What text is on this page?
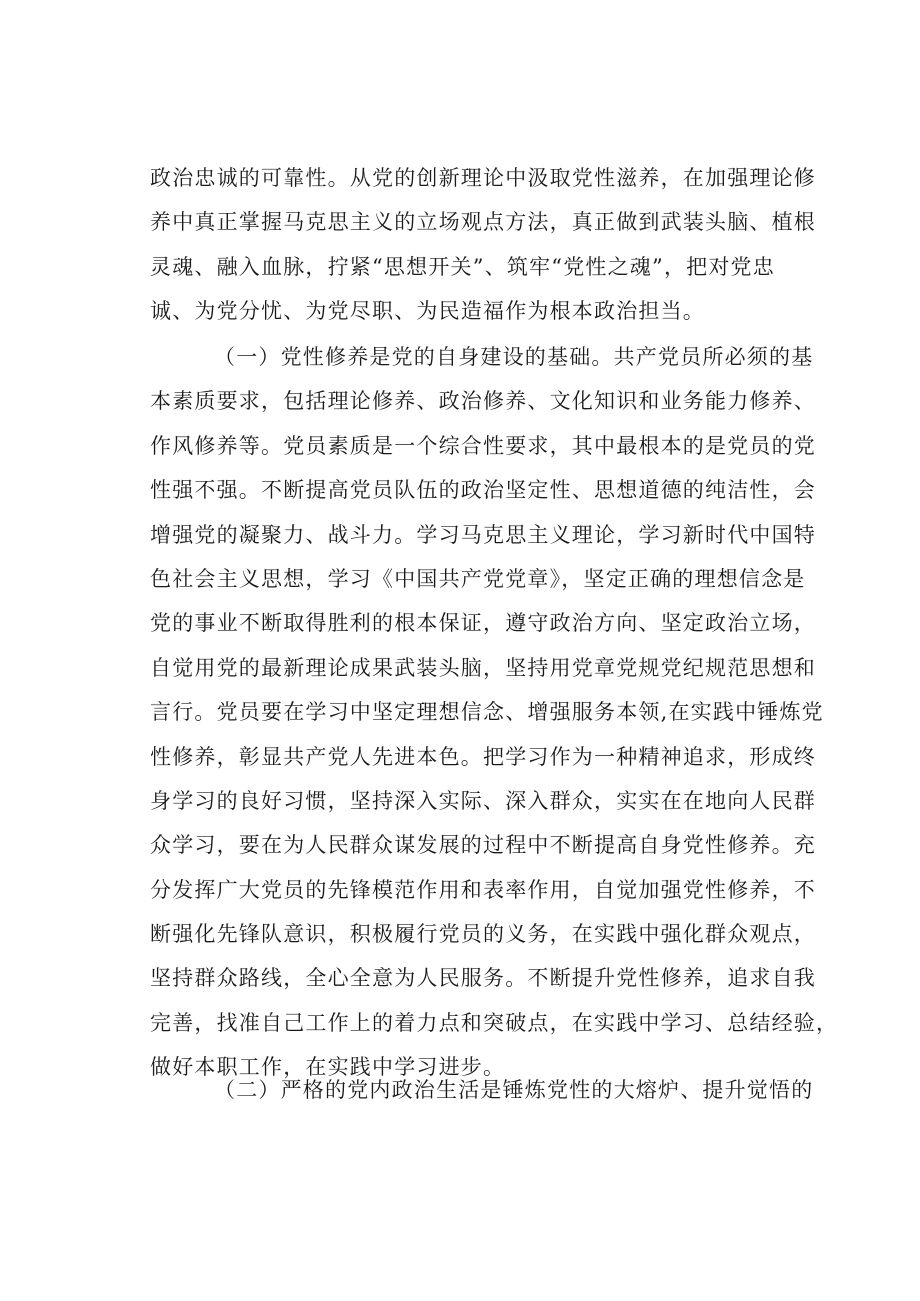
政治忠诚的可靠性。从党的创新理论中汲取党性滋养，在加强理论修
养中真正掌握马克思主义的立场观点方法，真正做到武装头脑、植根
灵魂、融入血脉，拧紧“思想开关”、筑牢“党性之魂”，把对党忠
诚、为党分忧、为党尽职、为民造福作为根本政治担当。
（一）党性修养是党的自身建设的基础。共产党员所必须的基
本素质要求，包括理论修养、政治修养、文化知识和业务能力修养、
作风修养等。党员素质是一个综合性要求，其中最根本的是党员的党
性强不强。不断提高党员队伍的政治坚定性、思想道德的纯洁性，会
增强党的凝聚力、战斗力。学习马克思主义理论，学习新时代中国特
色社会主义思想，学习《中国共产党党章》，坚定正确的理想信念是
党的事业不断取得胜利的根本保证，遵守政治方向、坚定政治立场，
自觉用党的最新理论成果武装头脑，坚持用党章党规党纪规范思想和
言行。党员要在学习中坚定理想信念、增强服务本领,在实践中锤炼党
性修养，彰显共产党人先进本色。把学习作为一种精神追求，形成终
身学习的良好习惯，坚持深入实际、深入群众，实实在在地向人民群
众学习，要在为人民群众谋发展的过程中不断提高自身党性修养。充
分发挥广大党员的先锋模范作用和表率作用，自觉加强党性修养，不
断强化先锋队意识，积极履行党员的义务，在实践中强化群众观点，
坚持群众路线，全心全意为人民服务。不断提升党性修养，追求自我
完善，找准自己工作上的着力点和突破点，在实践中学习、总结经验，
做好本职工作，在实践中学习进步。
（二）严格的党内政治生活是锤炼党性的大熔炉、提升觉悟的
